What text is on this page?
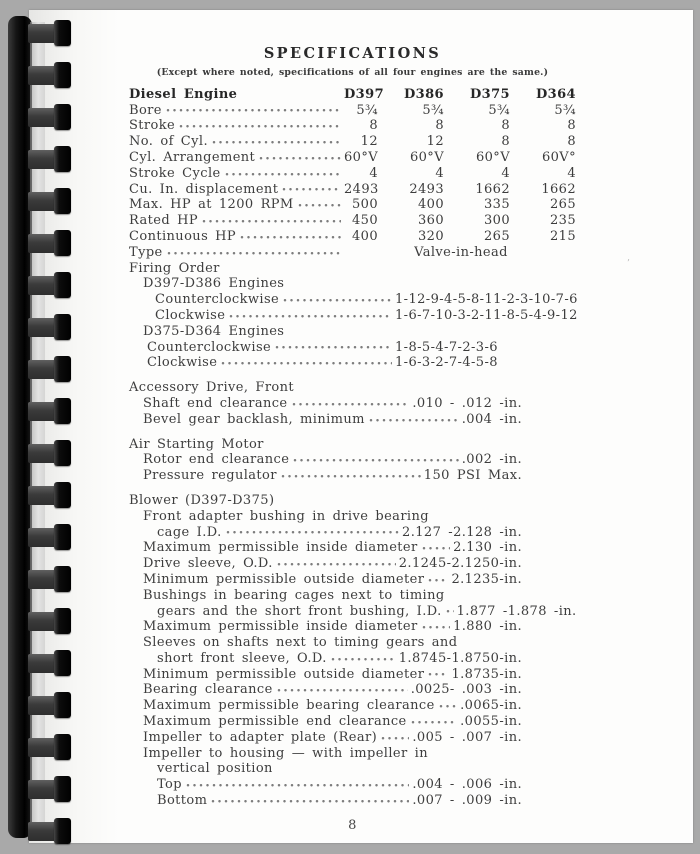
SPECIFICATIONS
(Except where noted, specifications of all four engines are the same.)
Diesel Engine	D397	D386	D375	D364
Bore	5¾	5¾	5¾	5¾
Stroke	8	8	8	8
No. of Cyl.	12	12	8	8
Cyl. Arrangement	60°V	60°V	60°V	60V°
Stroke Cycle	4	4	4	4
Cu. In. displacement	2493	2493	1662	1662
Max. HP at 1200 RPM	500	400	335	265
Rated HP	450	360	300	235
Continuous HP	400	320	265	215
Type	Valve-in-head
Firing Order
D397-D386 Engines
Counterclockwise	1-12-9-4-5-8-11-2-3-10-7-6
Clockwise	1-6-7-10-3-2-11-8-5-4-9-12
D375-D364 Engines
Counterclockwise	1-8-5-4-7-2-3-6
Clockwise	1-6-3-2-7-4-5-8
Accessory Drive, Front
Shaft end clearance	.010 - .012 -in.
Bevel gear backlash, minimum	.004 -in.
Air Starting Motor
Rotor end clearance	.002 -in.
Pressure regulator	150 PSI Max.
Blower (D397-D375)
Front adapter bushing in drive bearing
cage I.D.	2.127 -2.128 -in.
Maximum permissible inside diameter	2.130 -in.
Drive sleeve, O.D.	2.1245-2.1250-in.
Minimum permissible outside diameter 2.1235-in.
Bushings in bearing cages next to timing
gears and the short front bushing, I.D. 1.877 -1.878 -in.
Maximum permissible inside diameter	1.880 -in.
Sleeves on shafts next to timing gears and
short front sleeve, O.D.	1.8745-1.8750-in.
Minimum permissible outside diameter 1.8735-in.
Bearing clearance	.0025- .003 -in.
Maximum permissible bearing clearance .0065-in.
Maximum permissible end clearance	.0055-in.
Impeller to adapter plate (Rear)	.005 - .007 -in.
Impeller to housing — with impeller in
vertical position
Top	.004 - .006 -in.
Bottom	.007 - .009 -in.
8
’
